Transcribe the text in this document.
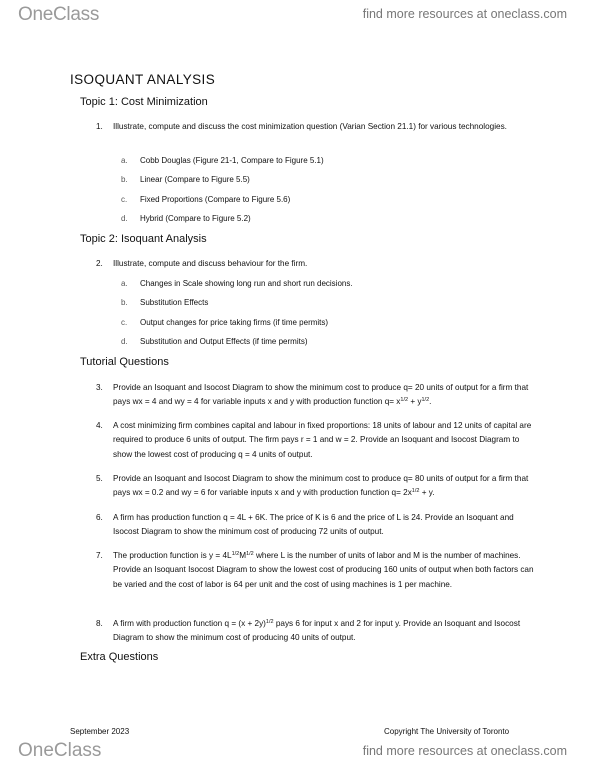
OneClass	find more resources at oneclass.com
ISOQUANT ANALYSIS
Topic 1: Cost Minimization
1. Illustrate, compute and discuss the cost minimization question (Varian Section 21.1) for various technologies.
a. Cobb Douglas (Figure 21-1, Compare to Figure 5.1)
b. Linear (Compare to Figure 5.5)
c. Fixed Proportions (Compare to Figure 5.6)
d. Hybrid (Compare to Figure 5.2)
Topic 2: Isoquant Analysis
2. Illustrate, compute and discuss behaviour for the firm.
a. Changes in Scale showing long run and short run decisions.
b. Substitution Effects
c. Output changes for price taking firms (if time permits)
d. Substitution and Output Effects (if time permits)
Tutorial Questions
3. Provide an Isoquant and Isocost Diagram to show the minimum cost to produce q= 20 units of output for a firm that pays wx = 4 and wy = 4 for variable inputs x and y with production function $q= x^{1/2} + y^{1/2}$.
4. A cost minimizing firm combines capital and labour in fixed proportions: 18 units of labour and 12 units of capital are required to produce 6 units of output. The firm pays r = 1 and w = 2. Provide an Isoquant and Isocost Diagram to show the lowest cost of producing q = 4 units of output.
5. Provide an Isoquant and Isocost Diagram to show the minimum cost to produce q= 80 units of output for a firm that pays wx = 0.2 and wy = 6 for variable inputs x and y with production function $q= 2x^{1/2} + y$.
6. A firm has production function q = 4L + 6K. The price of K is 6 and the price of L is 24. Provide an Isoquant and Isocost Diagram to show the minimum cost of producing 72 units of output.
7. The production function is $y = 4L^{1/2}M^{1/2}$ where L is the number of units of labor and M is the number of machines. Provide an Isoquant Isocost Diagram to show the lowest cost of producing 160 units of output when both factors can be varied and the cost of labor is 64 per unit and the cost of using machines is 1 per machine.
8. A firm with production function $q = (x + 2y)^{1/2}$ pays 6 for input x and 2 for input y. Provide an Isoquant and Isocost Diagram to show the minimum cost of producing 40 units of output.
Extra Questions
September 2023	Copyright The University of Toronto
OneClass	find more resources at oneclass.com
